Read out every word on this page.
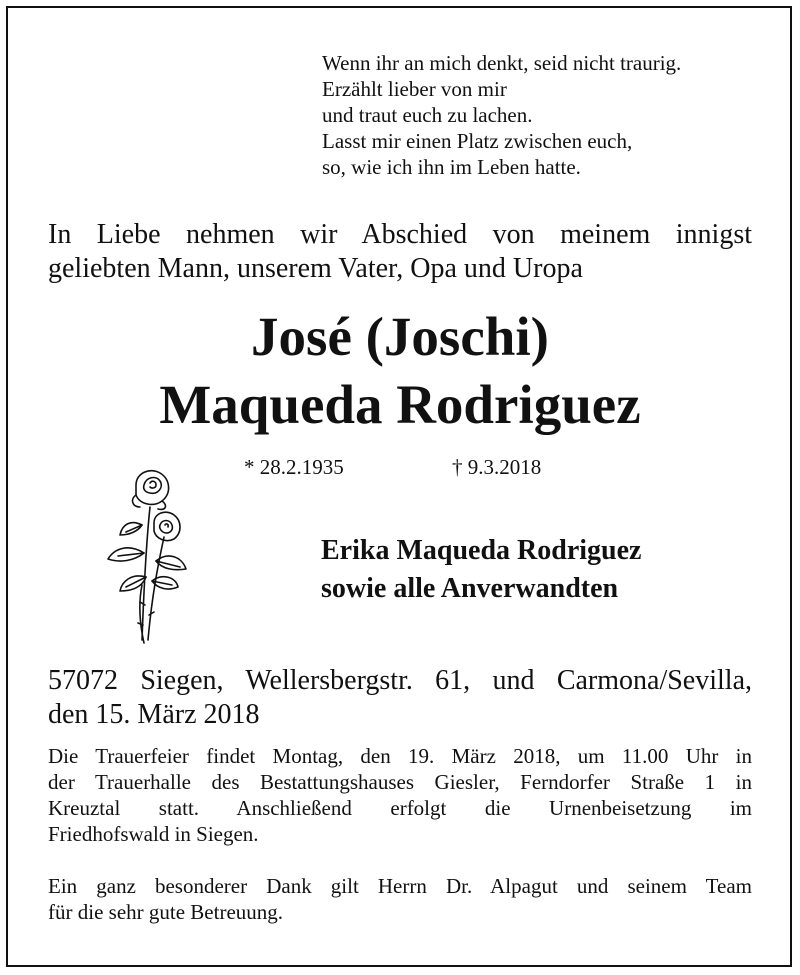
Wenn ihr an mich denkt, seid nicht traurig.
Erzählt lieber von mir
und traut euch zu lachen.
Lasst mir einen Platz zwischen euch,
so, wie ich ihn im Leben hatte.
In Liebe nehmen wir Abschied von meinem innigst
geliebten Mann, unserem Vater, Opa und Uropa
José (Joschi)
Maqueda Rodriguez
* 28.2.1935	† 9.3.2018
Erika Maqueda Rodriguez
sowie alle Anverwandten
57072 Siegen, Wellersbergstr. 61, und Carmona/Sevilla,
den 15. März 2018
Die Trauerfeier findet Montag, den 19. März 2018, um 11.00 Uhr in
der Trauerhalle des Bestattungshauses Giesler, Ferndorfer Straße 1 in
Kreuztal statt. Anschließend erfolgt die Urnenbeisetzung im
Friedhofswald in Siegen.
Ein ganz besonderer Dank gilt Herrn Dr. Alpagut und seinem Team
für die sehr gute Betreuung.
